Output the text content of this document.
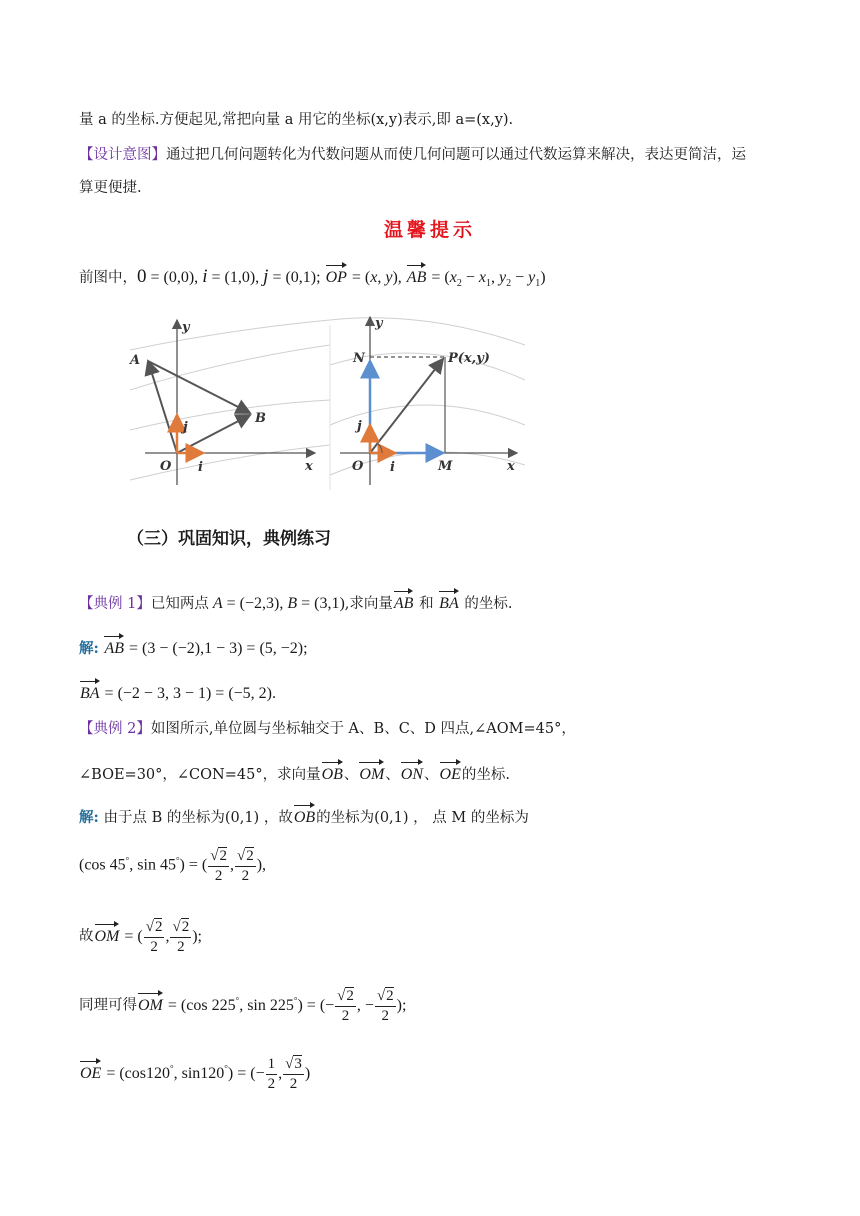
量 a 的坐标.方便起见,常把向量 a 用它的坐标(x,y)表示,即 a=(x,y).
【设计意图】通过把几何问题转化为代数问题从而使几何问题可以通过代数运算来解决，表达更简洁，运
算更便捷.
温馨提示
前图中，0 = (0,0), i = (1,0), j = (0,1); OP = (x, y), AB = ($x_2 - x_1$, $y_2 - y_1$)
y
x
A
B
O i
j
y
x
N	P(x,y)
O i
j
M
（三）巩固知识，典例练习
【典例 1】已知两点 A = (−2,3), B = (3,1),求向量AB 和 BA 的坐标.
解: AB = (3 − (−2),1 − 3) = (5, −2);
BA = (−2 − 3, 3 − 1) = (−5, 2).
【典例 2】如图所示,单位圆与坐标轴交于 A、B、C、D 四点,∠AOM=45°，
∠BOE=30°，∠CON=45°，求向量OB、OM、ON、OE的坐标.
解: 由于点 B 的坐标为(0,1) ，故OB的坐标为(0,1) ， 点 M 的坐标为
(cos 45°, sin 45°) = ( $\frac{√2}{2}$ , $\frac{√2}{2}$ ),
故OM = ( $\frac{√2}{2}$ , $\frac{√2}{2}$ );
同理可得OM = (cos 225°, sin 225°) = (− $\frac{√2}{2}$ , − $\frac{√2}{2}$ );
OE = (cos120°, sin120°) = (− $\frac{1}{2}$ , $\frac{√3}{2}$ )
